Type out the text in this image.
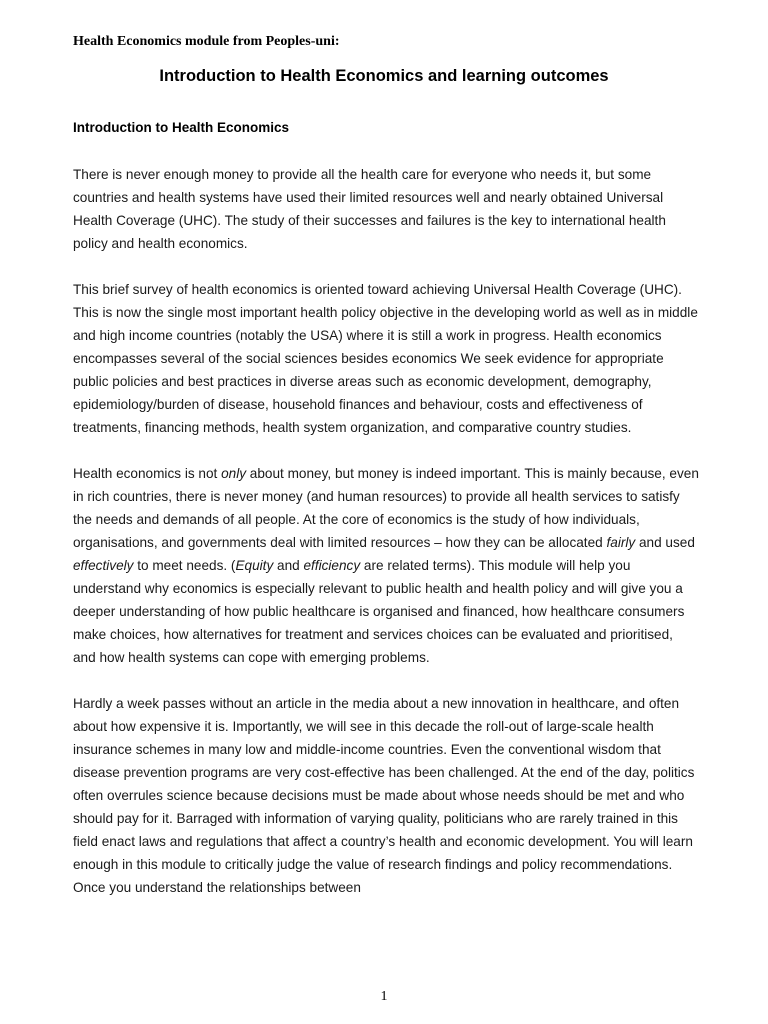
Health Economics module from Peoples-uni:
Introduction to Health Economics and learning outcomes
Introduction to Health Economics

There is never enough money to provide all the health care for everyone who needs it, but some countries and health systems have used their limited resources well and nearly obtained Universal Health Coverage (UHC). The study of their successes and failures is the key to international health policy and health economics.

This brief survey of health economics is oriented toward achieving Universal Health Coverage (UHC). This is now the single most important health policy objective in the developing world as well as in middle and high income countries (notably the USA) where it is still a work in progress. Health economics encompasses several of the social sciences besides economics We seek evidence for appropriate public policies and best practices in diverse areas such as economic development, demography, epidemiology/burden of disease, household finances and behaviour, costs and effectiveness of treatments, financing methods, health system organization, and comparative country studies.

Health economics is not only about money, but money is indeed important. This is mainly because, even in rich countries, there is never money (and human resources) to provide all health services to satisfy the needs and demands of all people. At the core of economics is the study of how individuals, organisations, and governments deal with limited resources – how they can be allocated fairly and used effectively to meet needs. (Equity and efficiency are related terms). This module will help you understand why economics is especially relevant to public health and health policy and will give you a deeper understanding of how public healthcare is organised and financed, how healthcare consumers make choices, how alternatives for treatment and services choices can be evaluated and prioritised, and how health systems can cope with emerging problems.

Hardly a week passes without an article in the media about a new innovation in healthcare, and often about how expensive it is. Importantly, we will see in this decade the roll-out of large-scale health insurance schemes in many low and middle-income countries. Even the conventional wisdom that disease prevention programs are very cost-effective has been challenged. At the end of the day, politics often overrules science because decisions must be made about whose needs should be met and who should pay for it. Barraged with information of varying quality, politicians who are rarely trained in this field enact laws and regulations that affect a country’s health and economic development. You will learn enough in this module to critically judge the value of research findings and policy recommendations. Once you understand the relationships between

1
